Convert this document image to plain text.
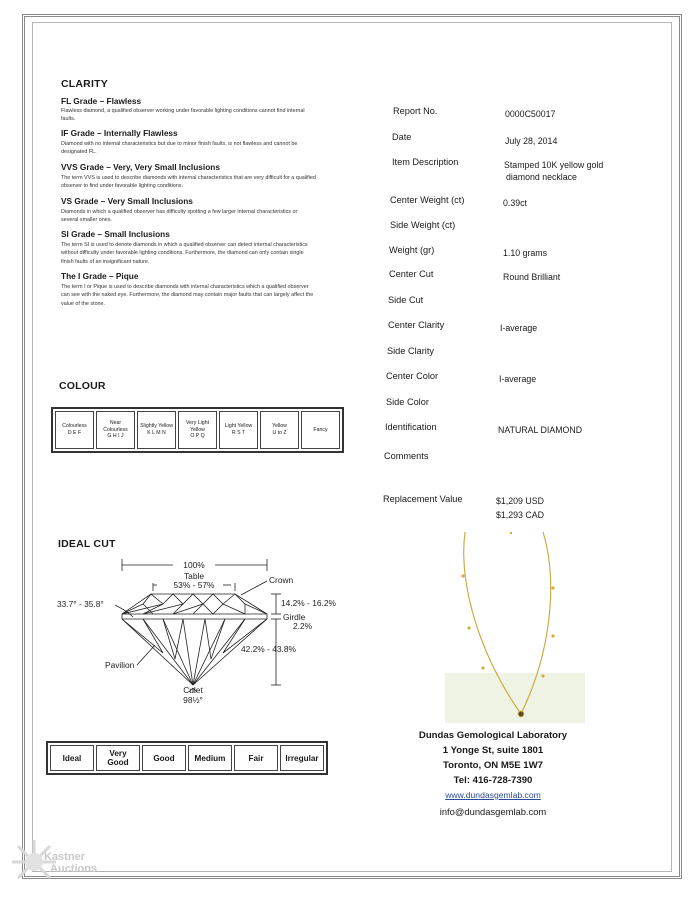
CLARITY
FL Grade – Flawless
Flawless diamond, a qualified observer working under favorable lighting conditions cannot find internal faults.
IF Grade – Internally Flawless
Diamond with no internal characteristics but due to minor finish faults, is not flawless and cannot be designated FL.
VVS Grade – Very, Very Small Inclusions
The term VVS is used to describe diamonds with internal characteristics that are very difficult for a qualified observer to find under favorable lighting conditions.
VS Grade – Very Small Inclusions
Diamonds in which a qualified observer has difficulty spotting a few larger internal characteristics or several smaller ones.
SI Grade – Small Inclusions
The term SI is used to denote diamonds in which a qualified observer can detect internal characteristics without difficulty under favorable lighting conditions. Furthermore, the diamond can only contain single finish faults of an insignificant nature.
The I Grade – Pique
The term I or Pique is used to describe diamonds with internal characteristics which a qualified observer can see with the naked eye. Furthermore, the diamond may contain major faults that can largely affect the value of the stone.
COLOUR
Colourless
D E F

Near Colourless
G H I J

Slightly Yellow
K L M N

Very Light Yellow
O P Q

Light Yellow
R S T

Yellow
U to Z

Fancy
IDEAL CUT
100%
Table
53% - 57%	Crown
33.7° - 35.8°	14.2% - 16.2%
Girdle
2.2%
42.2% - 43.8%
Pavilion
Culet
98½°
Ideal	Very Good	Good	Medium	Fair	Irregular
Report No.	0000C50017
Date	July 28, 2014
Item Description	Stamped 10K yellow gold
diamond necklace
Center Weight (ct)	0.39ct
Side Weight (ct)
Weight (gr)	1.10 grams
Center Cut	Round Brilliant
Side Cut
Center Clarity	I-average
Side Clarity
Center Color	I-average
Side Color
Identification	NATURAL DIAMOND
Comments
Replacement Value	$1,209 USD
$1,293 CAD
Dundas Gemological Laboratory
1 Yonge St, suite 1801
Toronto, ON M5E 1W7
Tel: 416-728-7390
www.dundasgemlab.com
info@dundasgemlab.com
Kastner
Auctions
